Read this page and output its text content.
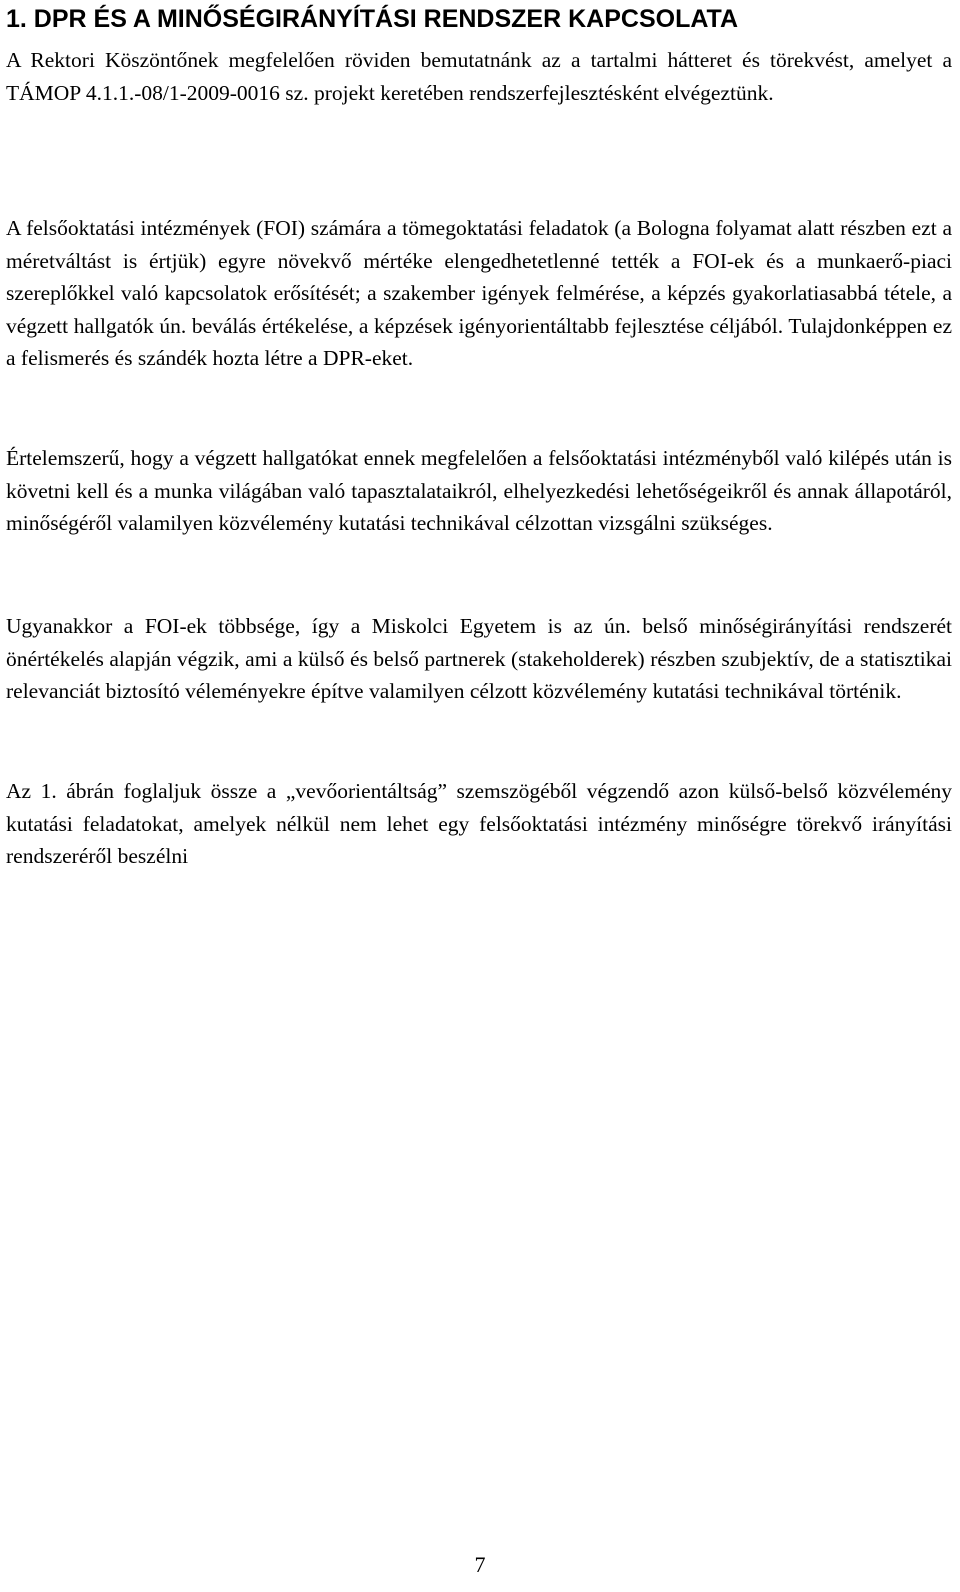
1. DPR ÉS A MINŐSÉGIRÁNYÍTÁSI RENDSZER KAPCSOLATA

A Rektori Köszöntőnek megfelelően röviden bemutatnánk az a tartalmi hátteret és törekvést, amelyet a TÁMOP 4.1.1.-08/1-2009-0016 sz. projekt keretében rendszerfejlesztésként elvégeztünk.

A felsőoktatási intézmények (FOI) számára a tömegoktatási feladatok (a Bologna folyamat alatt részben ezt a méretváltást is értjük) egyre növekvő mértéke elengedhetetlenné tették a FOI-ek és a munkaerő-piaci szereplőkkel való kapcsolatok erősítését; a szakember igények felmérése, a képzés gyakorlatiasabbá tétele, a végzett hallgatók ún. beválás értékelése, a képzések igényorientáltabb fejlesztése céljából. Tulajdonképpen ez a felismerés és szándék hozta létre a DPR-eket.

Értelemszerű, hogy a végzett hallgatókat ennek megfelelően a felsőoktatási intézményből való kilépés után is követni kell és a munka világában való tapasztalataikról, elhelyezkedési lehetőségeikről és annak állapotáról, minőségéről valamilyen közvélemény kutatási technikával célzottan vizsgálni szükséges.

Ugyanakkor a FOI-ek többsége, így a Miskolci Egyetem is az ún. belső minőségirányítási rendszerét önértékelés alapján végzik, ami a külső és belső partnerek (stakeholderek) részben szubjektív, de a statisztikai relevanciát biztosító véleményekre építve valamilyen célzott közvélemény kutatási technikával történik.

Az 1. ábrán foglaljuk össze a „vevőorientáltság” szemszögéből végzendő azon külső-belső közvélemény kutatási feladatokat, amelyek nélkül nem lehet egy felsőoktatási intézmény minőségre törekvő irányítási rendszeréről beszélni

7
